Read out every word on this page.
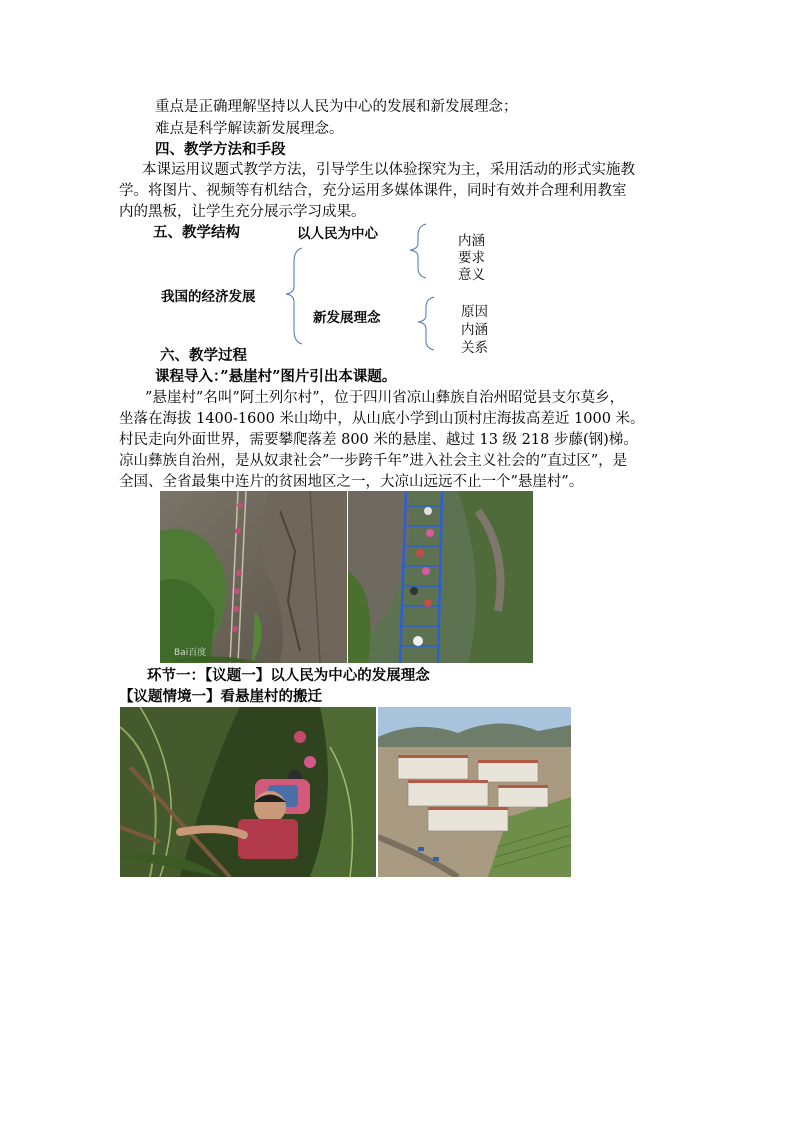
重点是正确理解坚持以人民为中心的发展和新发展理念；
难点是科学解读新发展理念。
四、教学方法和手段
本课运用议题式教学方法，引导学生以体验探究为主，采用活动的形式实施教
学。将图片、视频等有机结合，充分运用多媒体课件，同时有效并合理利用教室
内的黑板，让学生充分展示学习成果。
五、教学结构	以人民为中心
我国的经济发展
新发展理念
内涵
要求
意义
原因
内涵
关系
六、教学过程
课程导入：”悬崖村”图片引出本课题。
”悬崖村”名叫”阿土列尔村”，位于四川省凉山彝族自治州昭觉县支尔莫乡，
坐落在海拔 1400-1600 米山坳中，从山底小学到山顶村庄海拔高差近 1000 米。
村民走向外面世界，需要攀爬落差 800 米的悬崖、越过 13 级 218 步藤(钢)梯。
凉山彝族自治州，是从奴隶社会”一步跨千年”进入社会主义社会的”直过区”，是
全国、全省最集中连片的贫困地区之一，大凉山远远不止一个”悬崖村”。
Bai百度
环节一：【议题一】以人民为中心的发展理念
【议题情境一】看悬崖村的搬迁
